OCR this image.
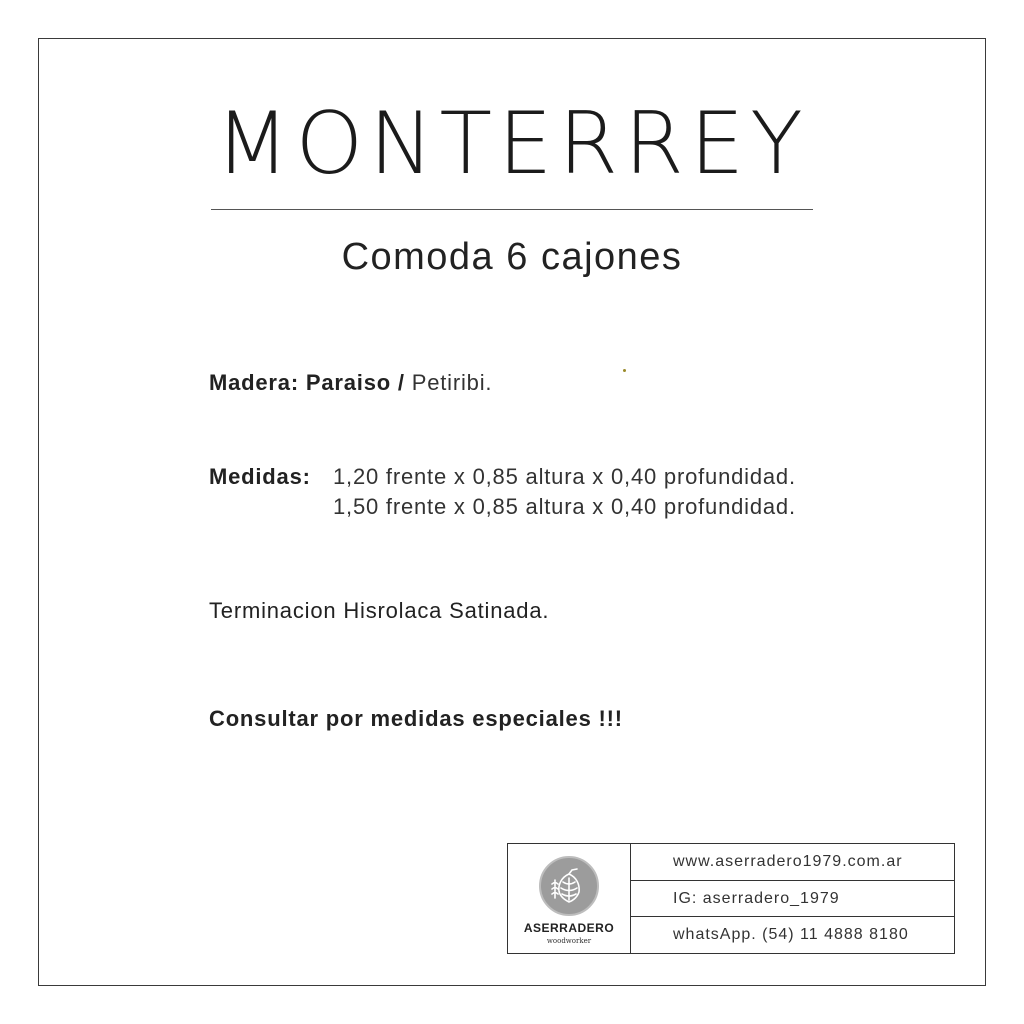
MONTERREY
Comoda 6 cajones
Madera: Paraiso / Petiribi.
Medidas: 1,20 frente x 0,85 altura x 0,40 profundidad.
1,50 frente x 0,85 altura x 0,40 profundidad.
Terminacion Hisrolaca Satinada.
Consultar por medidas especiales !!!
ASERRADERO
woodworker
www.aserradero1979.com.ar
IG: aserradero_1979
whatsApp. (54) 11 4888 8180
